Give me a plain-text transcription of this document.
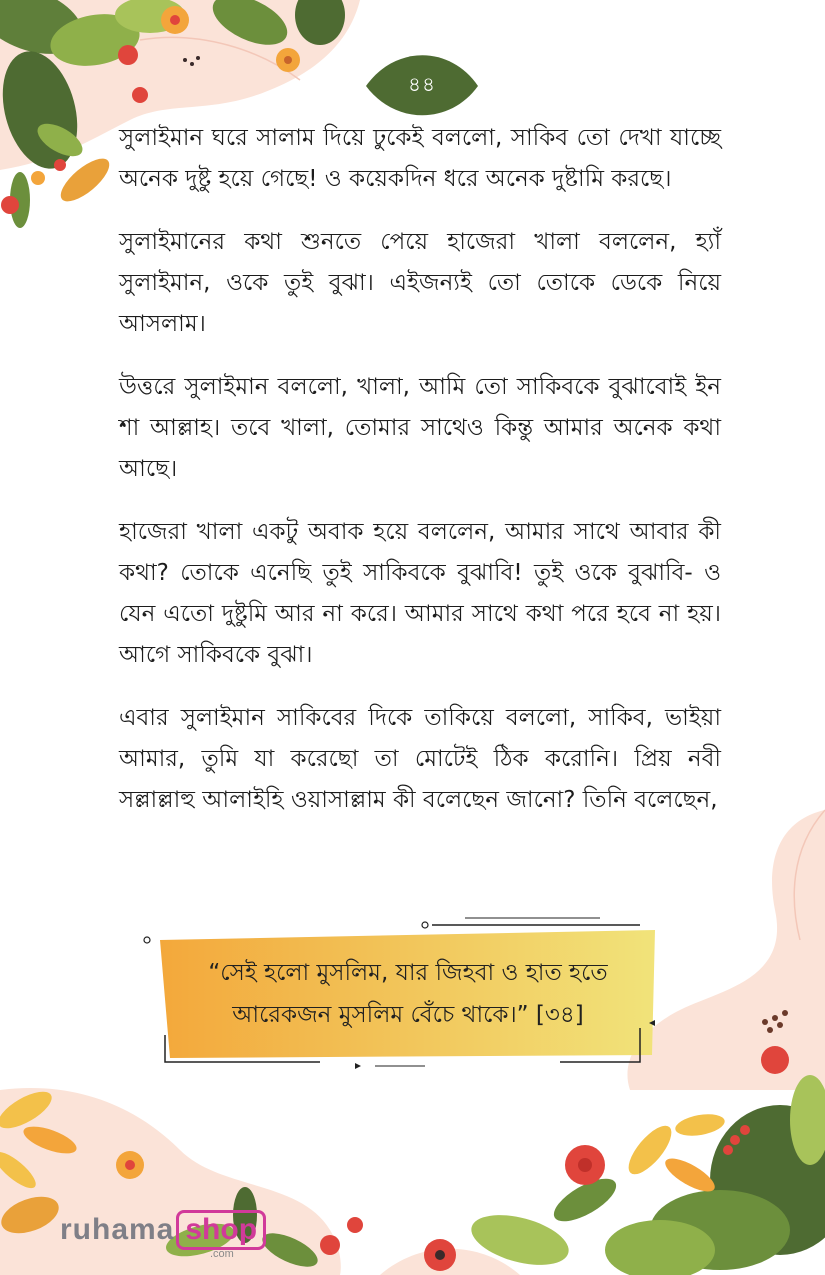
৪৪

সুলাইমান ঘরে সালাম দিয়ে ঢুকেই বললো, সাকিব তো দেখা যাচ্ছে অনেক দুষ্টু হয়ে গেছে! ও কয়েকদিন ধরে অনেক দুষ্টামি করছে।

সুলাইমানের কথা শুনতে পেয়ে হাজেরা খালা বললেন, হ্যাঁ সুলাইমান, ওকে তুই বুঝা। এইজন্যই তো তোকে ডেকে নিয়ে আসলাম।

উত্তরে সুলাইমান বললো, খালা, আমি তো সাকিবকে বুঝাবোই ইন শা আল্লাহ। তবে খালা, তোমার সাথেও কিন্তু আমার অনেক কথা আছে।

হাজেরা খালা একটু অবাক হয়ে বললেন, আমার সাথে আবার কী কথা? তোকে এনেছি তুই সাকিবকে বুঝাবি! তুই ওকে বুঝাবি- ও যেন এতো দুষ্টুমি আর না করে। আমার সাথে কথা পরে হবে না হয়। আগে সাকিবকে বুঝা।

এবার সুলাইমান সাকিবের দিকে তাকিয়ে বললো, সাকিব, ভাইয়া আমার, তুমি যা করেছো তা মোটেই ঠিক করোনি। প্রিয় নবী সল্লাল্লাহু আলাইহি ওয়াসাল্লাম কী বলেছেন জানো? তিনি বলেছেন,

“সেই হলো মুসলিম, যার জিহবা ও হাত হতে
আরেকজন মুসলিম বেঁচে থাকে।” [৩৪]
ruhama shop
.com
